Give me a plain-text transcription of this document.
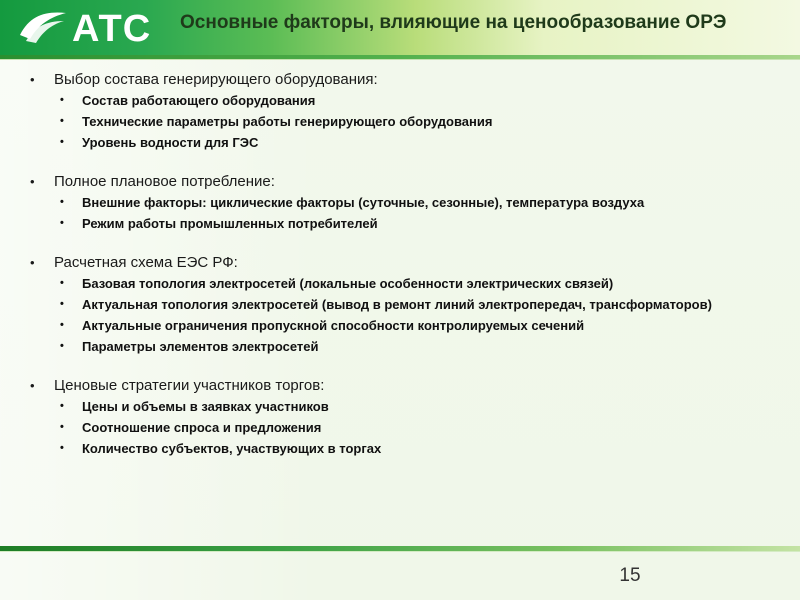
АТС Основные факторы, влияющие на ценообразование ОРЭ
•	Выбор состава генерирующего оборудования:
•	Состав работающего оборудования
•	Технические параметры работы генерирующего оборудования
•	Уровень водности для ГЭС
•	Полное плановое потребление:
•	Внешние факторы: циклические факторы (суточные, сезонные), температура воздуха
•	Режим работы промышленных потребителей
•	Расчетная схема ЕЭС РФ:
•	Базовая топология электросетей (локальные особенности электрических связей)
•	Актуальная топология электросетей (вывод в ремонт линий электропередач, трансформаторов)
•	Актуальные ограничения пропускной способности контролируемых сечений
•	Параметры элементов электросетей
•	Ценовые стратегии участников торгов:
•	Цены и объемы в заявках участников
•	Соотношение спроса и предложения
•	Количество субъектов, участвующих в торгах
15
